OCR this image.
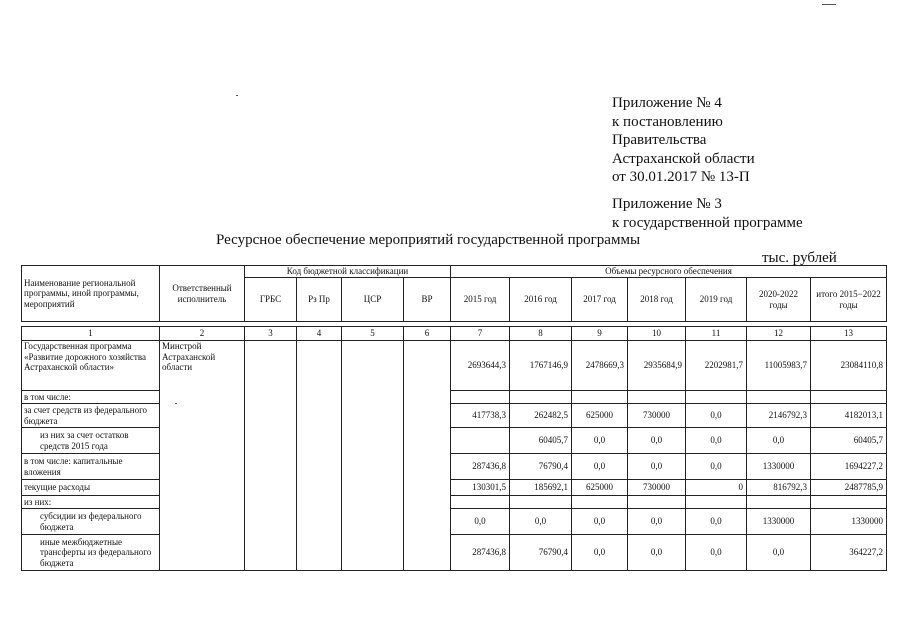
Приложение № 4
к постановлению
Правительства
Астраханской области
от 30.01.2017 № 13-П
Приложение № 3
к государственной программе
Ресурсное обеспечение мероприятий государственной программы
тыс. рублей
Наименование региональной программы, иной программы, мероприятий	Ответственный исполнитель	Код бюджетной классификации				Объемы ресурсного обеспечения						
		ГРБС	Рз Пр	ЦСР	ВР	2015 год	2016 год	2017 год	2018 год	2019 год	2020-2022 годы	итого 2015−2022 годы

1	2	3	4	5	6	7	8	9	10	11	12	13
Государственная программа «Развитие дорожного хозяйства Астраханской области»	Минстрой Астраханской области					2693644,3	1767146,9	2478669,3	2935684,9	2202981,7	11005983,7	23084110,8
в том числе:												
за счет средств из федерального бюджета						417738,3	262482,5	625000	730000	0,0	2146792,3	4182013,1
из них за счет остатков средств 2015 года							60405,7	0,0	0,0	0,0	0,0	60405,7
в том числе: капитальные вложения						287436,8	76790,4	0,0	0,0	0,0	1330000	1694227,2
текущие расходы						130301,5	185692,1	625000	730000	0	816792,3	2487785,9
из них:												
субсидии из федерального бюджета						0,0	0,0	0,0	0,0	0,0	1330000	1330000
иные межбюджетные трансферты из федерального бюджета						287436,8	76790,4	0,0	0,0	0,0	0,0	364227,2
